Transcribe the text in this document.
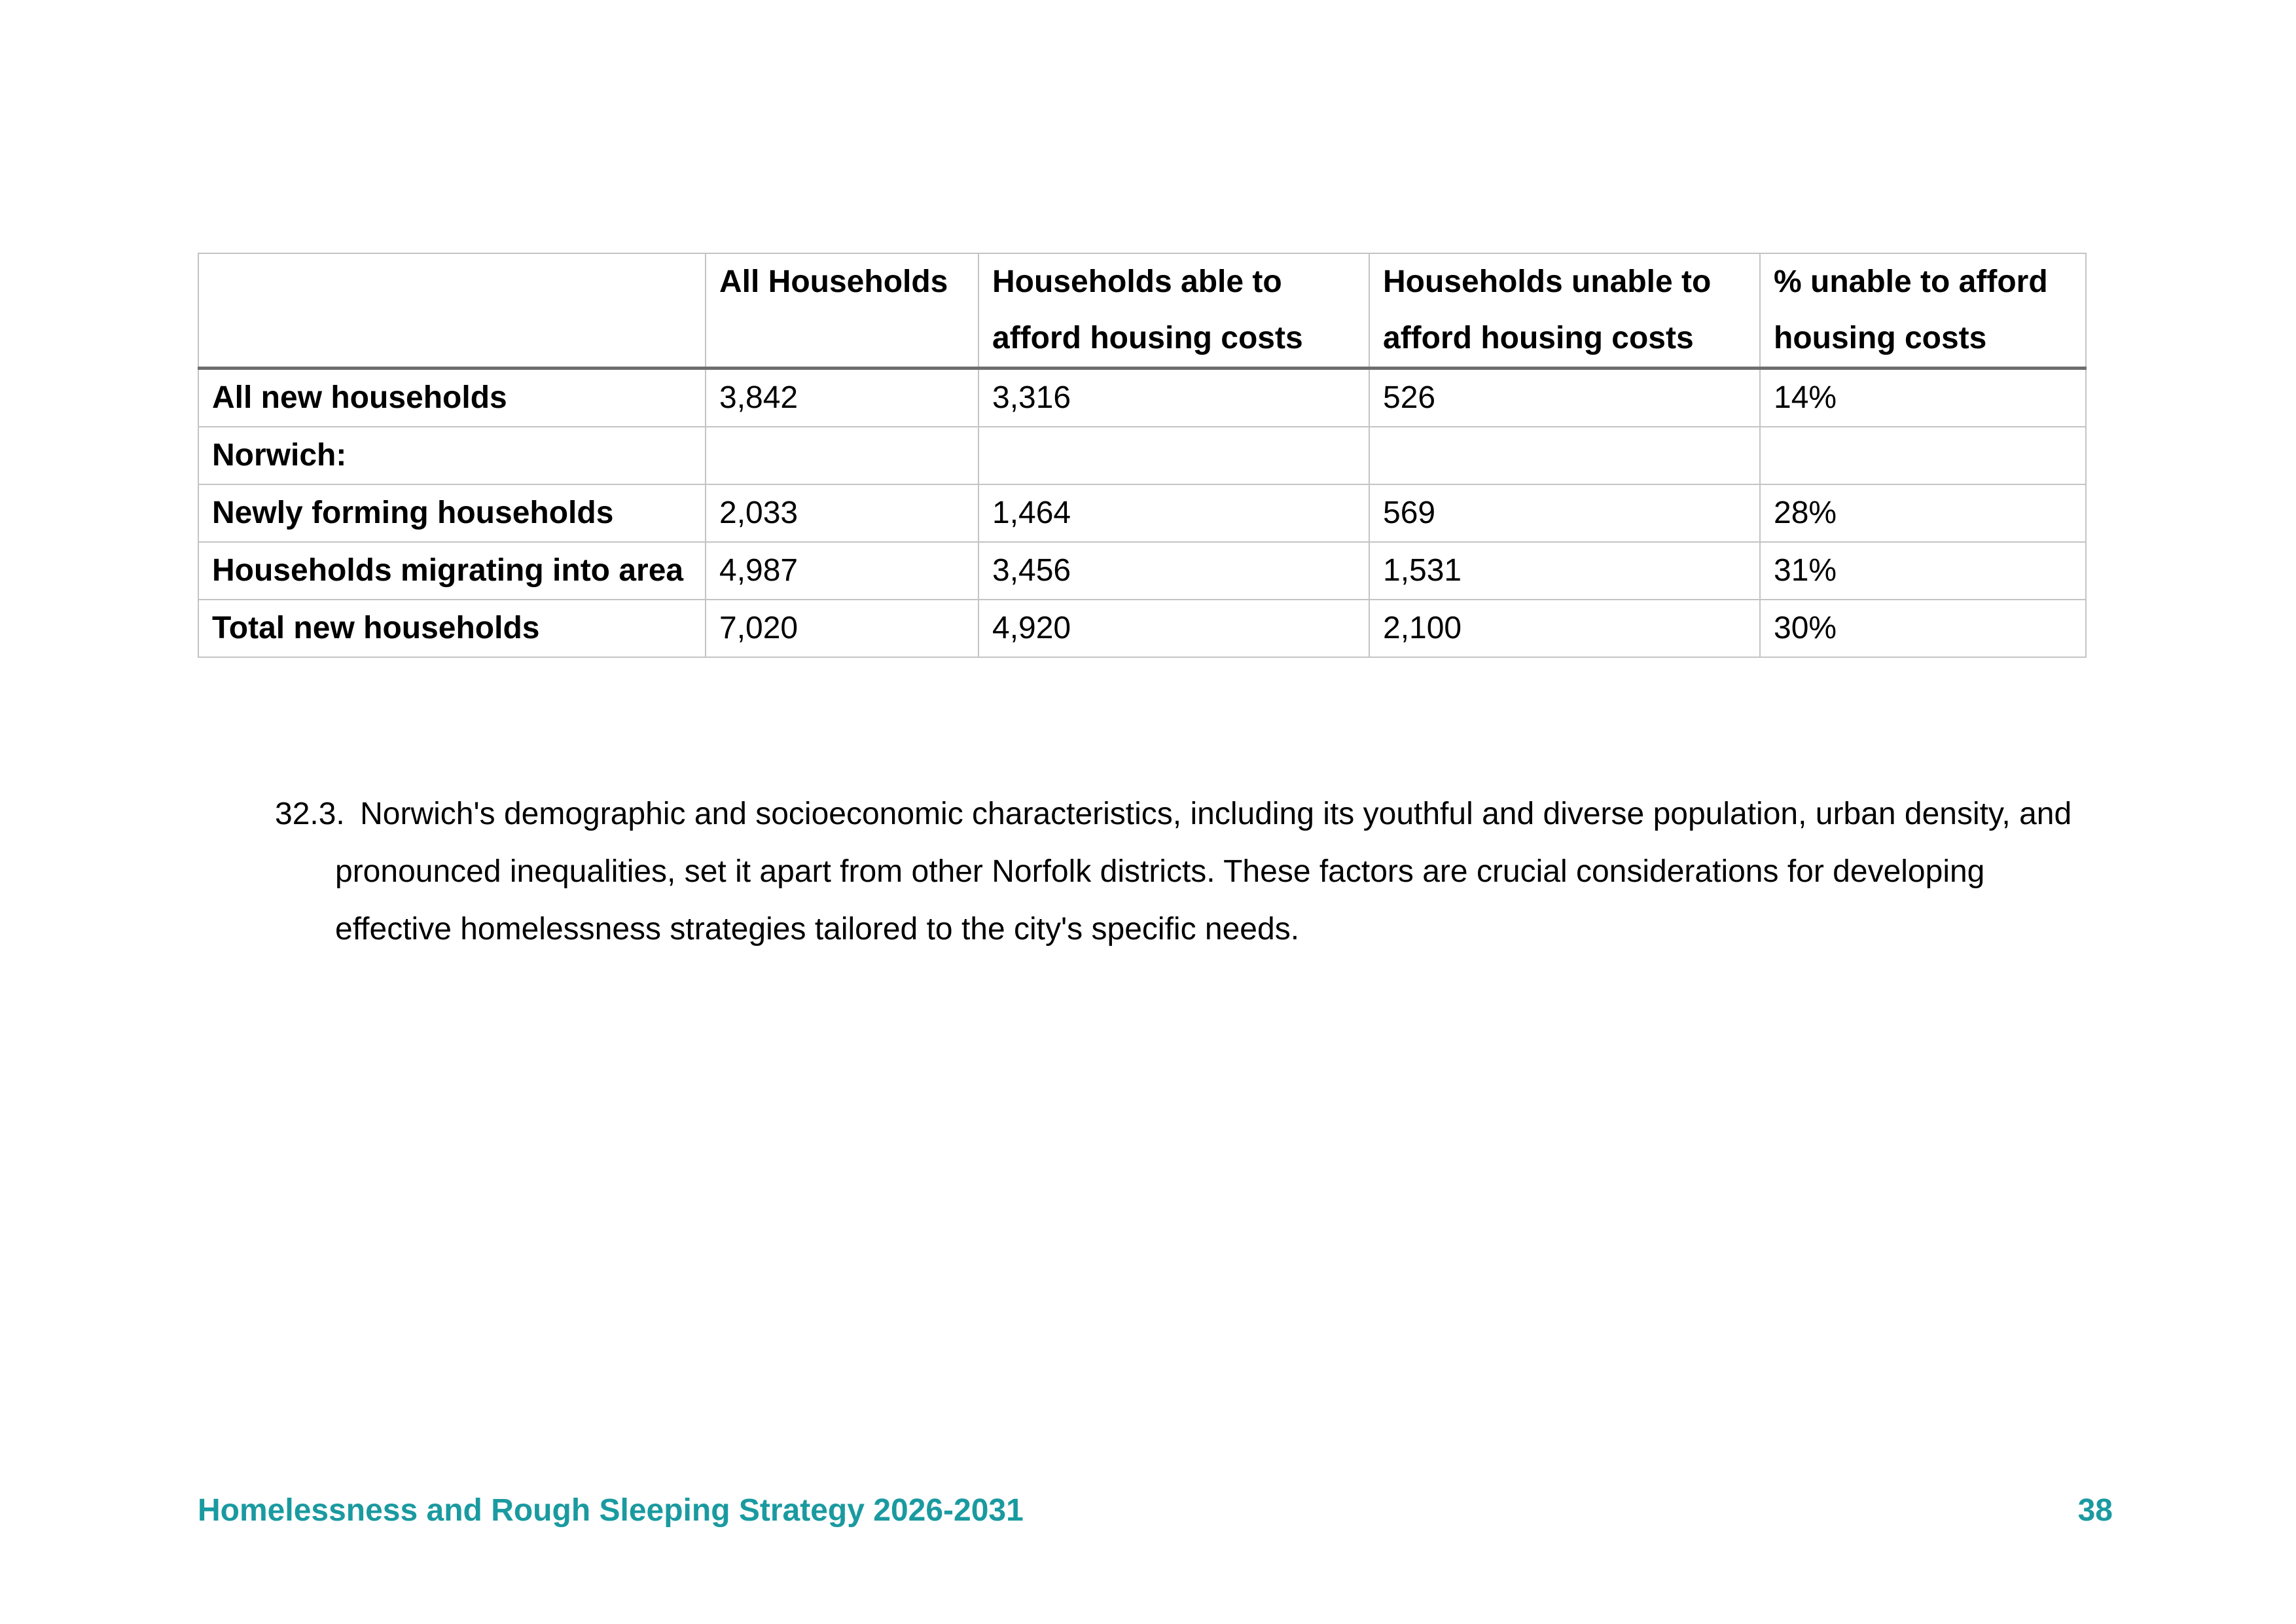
	All Households	Households able to afford housing costs	Households unable to afford housing costs	% unable to afford housing costs
All new households	3,842	3,316	526	14%
Norwich:				
Newly forming households	2,033	1,464	569	28%
Households migrating into area	4,987	3,456	1,531	31%
Total new households	7,020	4,920	2,100	30%

32.3. Norwich's demographic and socioeconomic characteristics, including its youthful and diverse population, urban density, and pronounced inequalities, set it apart from other Norfolk districts. These factors are crucial considerations for developing effective homelessness strategies tailored to the city's specific needs.

Homelessness and Rough Sleeping Strategy 2026-2031	38
